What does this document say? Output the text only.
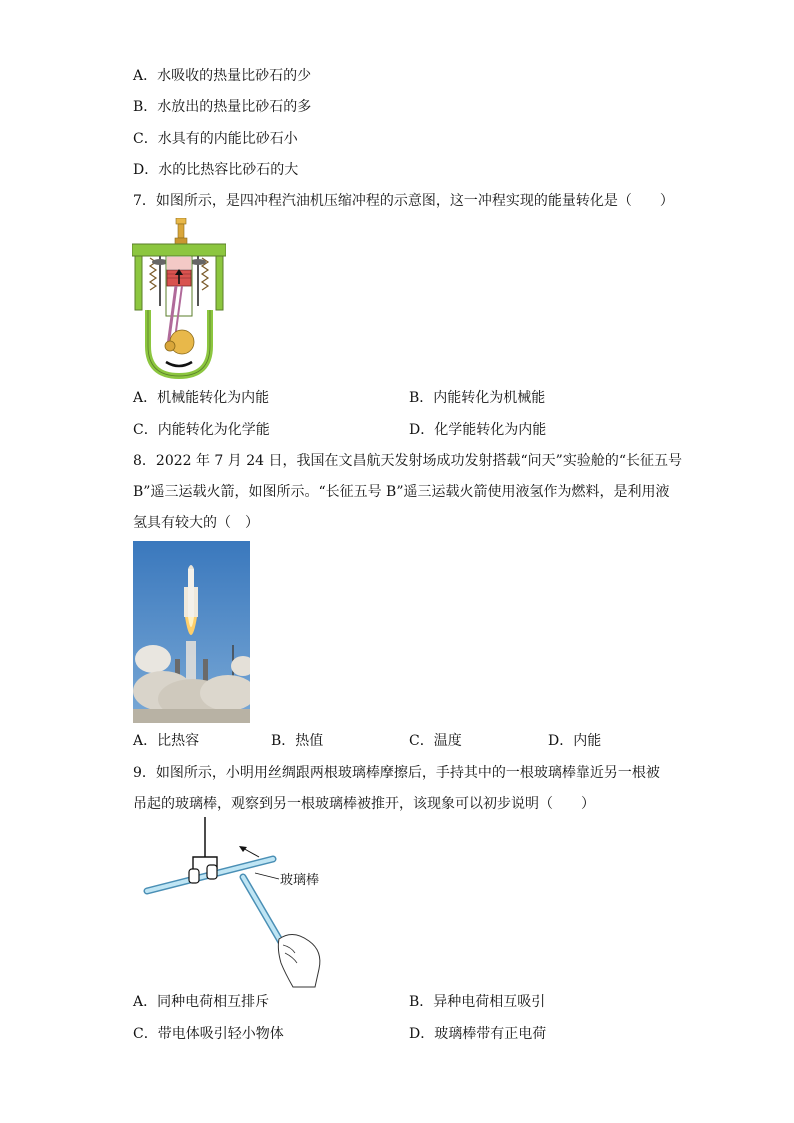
A．水吸收的热量比砂石的少
B．水放出的热量比砂石的多
C．水具有的内能比砂石小
D．水的比热容比砂石的大
7．如图所示，是四冲程汽油机压缩冲程的示意图，这一冲程实现的能量转化是（　　）
A．机械能转化为内能	B．内能转化为机械能
C．内能转化为化学能	D．化学能转化为内能
8．2022 年 7 月 24 日，我国在文昌航天发射场成功发射搭载“问天”实验舱的“长征五号
B”遥三运载火箭，如图所示。“长征五号 B”遥三运载火箭使用液氢作为燃料，是利用液
氢具有较大的（　）
A．比热容	B．热值	C．温度	D．内能
9．如图所示，小明用丝绸跟两根玻璃棒摩擦后，手持其中的一根玻璃棒靠近另一根被
吊起的玻璃棒，观察到另一根玻璃棒被推开，该现象可以初步说明（　　）
玻璃棒
A．同种电荷相互排斥	B．异种电荷相互吸引
C．带电体吸引轻小物体	D．玻璃棒带有正电荷
